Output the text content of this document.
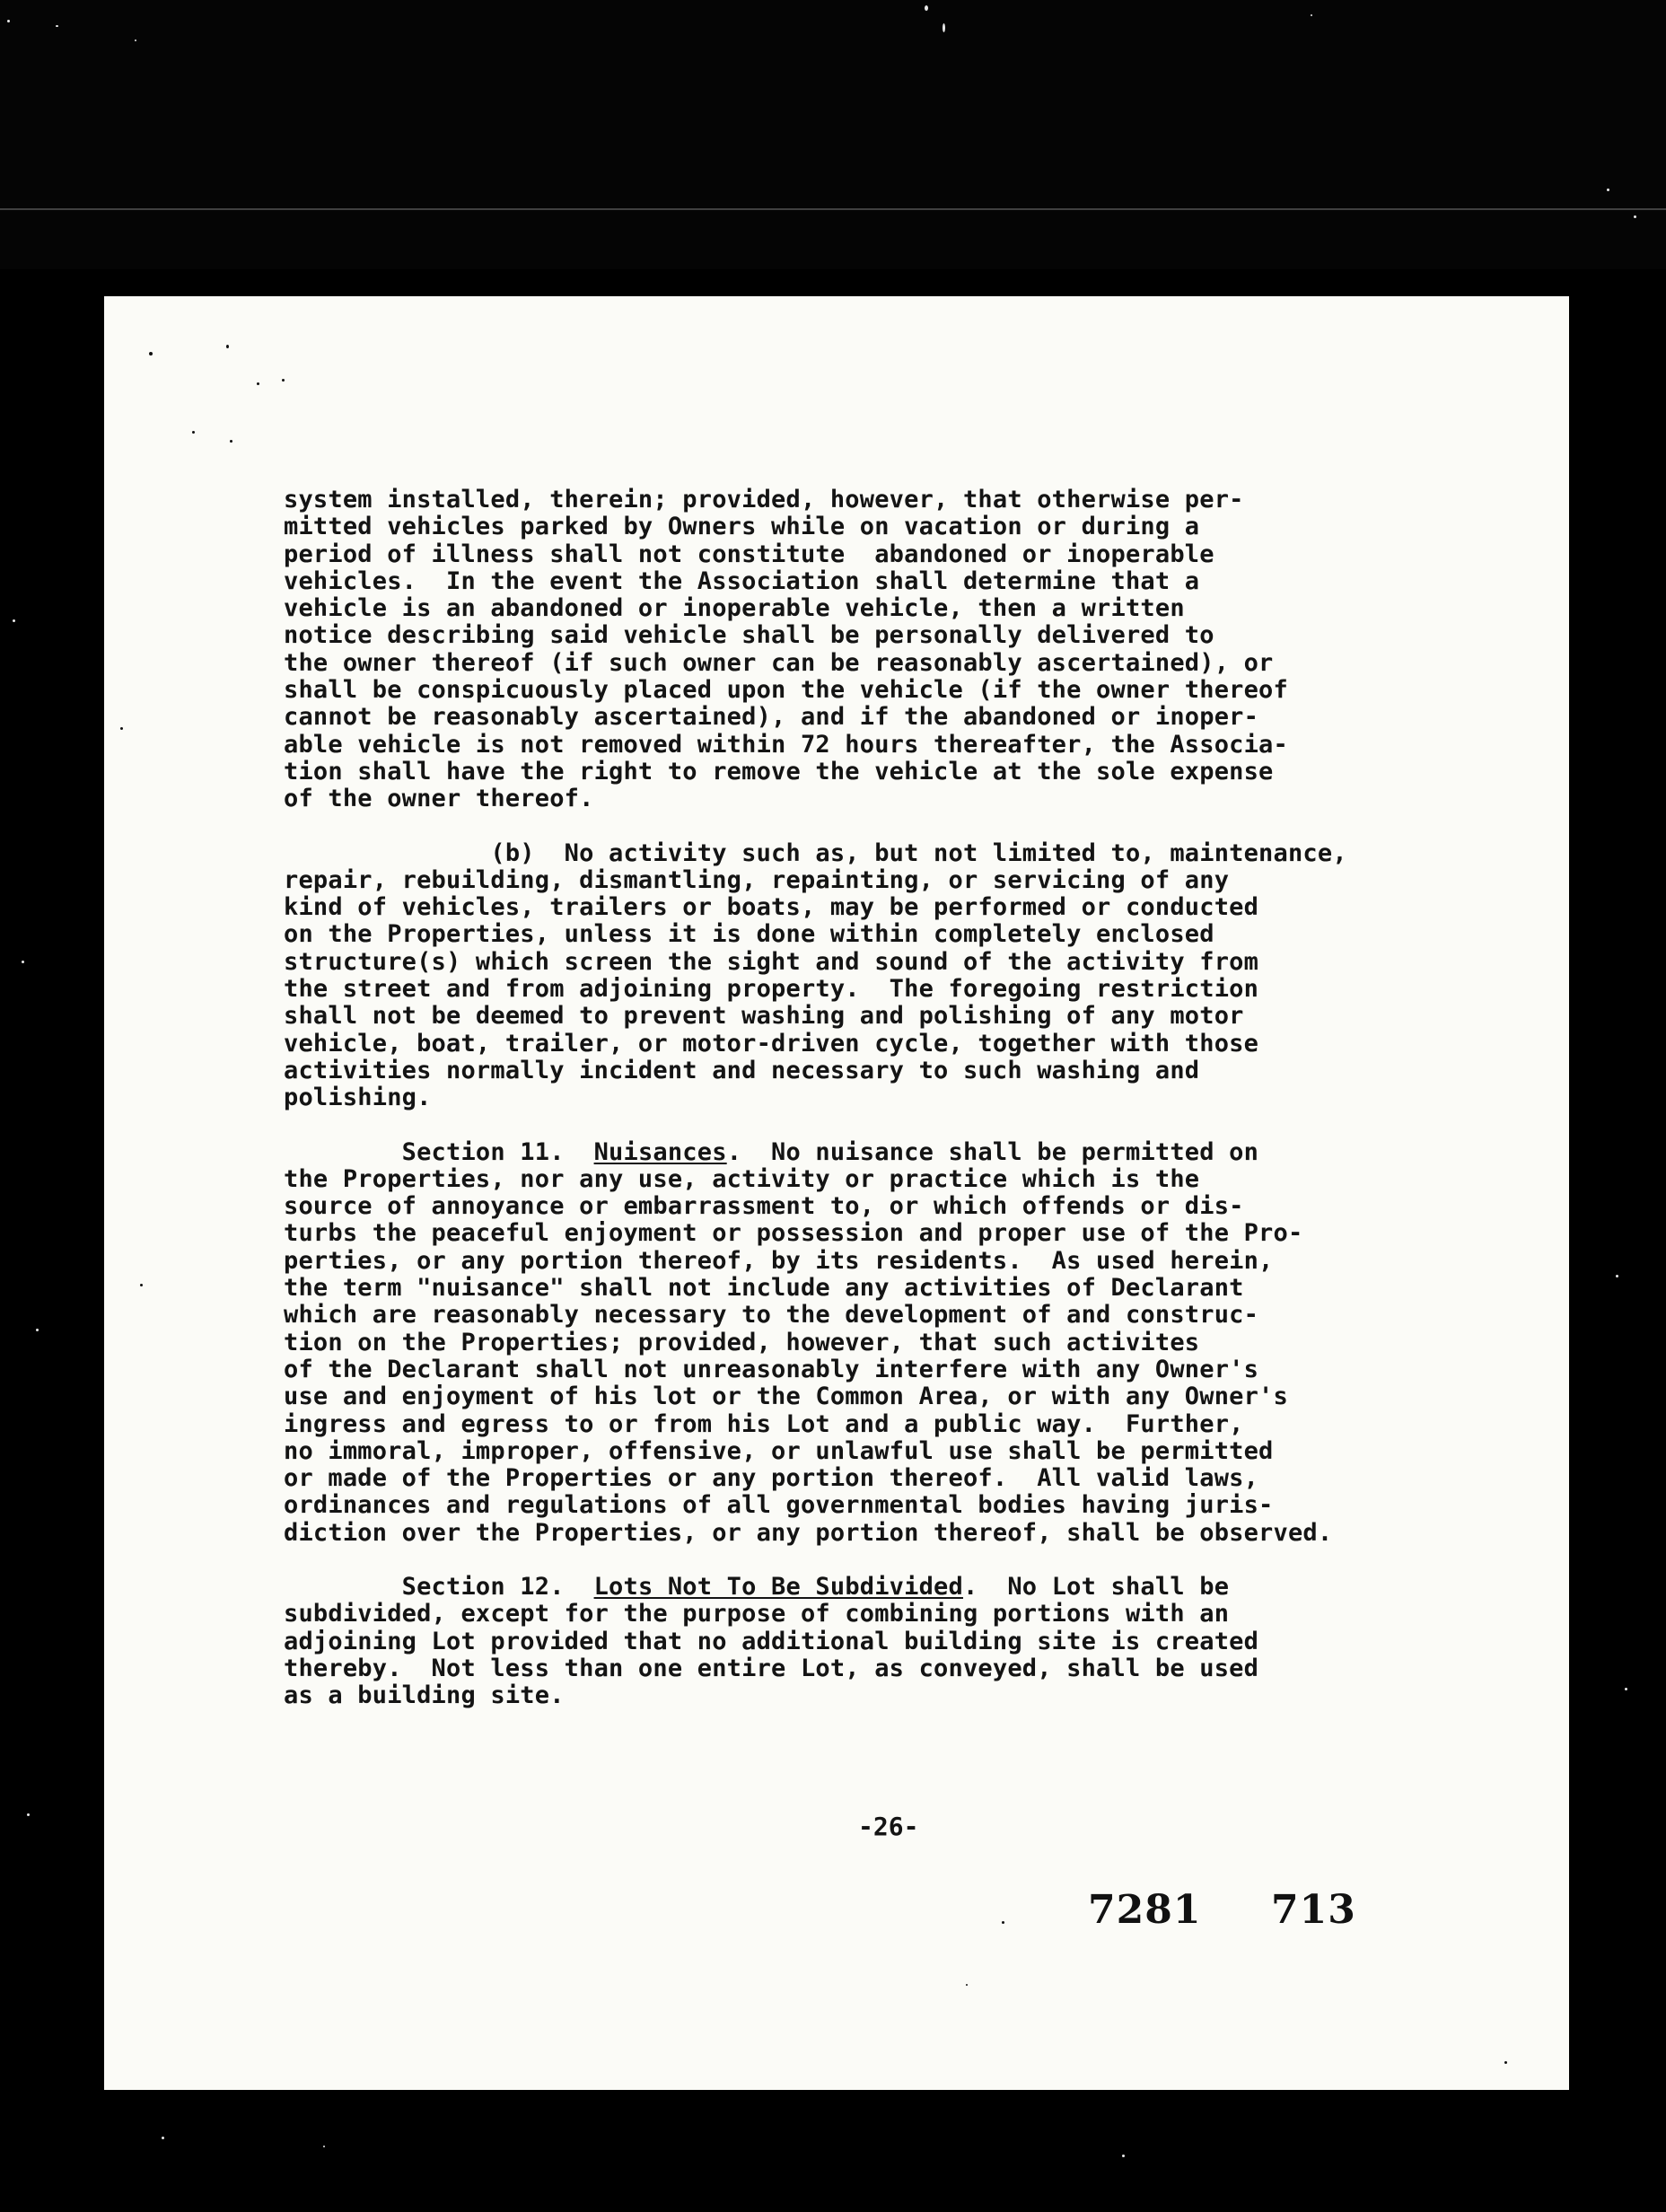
system installed, therein; provided, however, that otherwise per-
mitted vehicles parked by Owners while on vacation or during a
period of illness shall not constitute  abandoned or inoperable
vehicles.  In the event the Association shall determine that a
vehicle is an abandoned or inoperable vehicle, then a written
notice describing said vehicle shall be personally delivered to
the owner thereof (if such owner can be reasonably ascertained), or
shall be conspicuously placed upon the vehicle (if the owner thereof
cannot be reasonably ascertained), and if the abandoned or inoper-
able vehicle is not removed within 72 hours thereafter, the Associa-
tion shall have the right to remove the vehicle at the sole expense
of the owner thereof.

(b)  No activity such as, but not limited to, maintenance,
repair, rebuilding, dismantling, repainting, or servicing of any
kind of vehicles, trailers or boats, may be performed or conducted
on the Properties, unless it is done within completely enclosed
structure(s) which screen the sight and sound of the activity from
the street and from adjoining property.  The foregoing restriction
shall not be deemed to prevent washing and polishing of any motor
vehicle, boat, trailer, or motor-driven cycle, together with those
activities normally incident and necessary to such washing and
polishing.

Section 11.  Nuisances.  No nuisance shall be permitted on
the Properties, nor any use, activity or practice which is the
source of annoyance or embarrassment to, or which offends or dis-
turbs the peaceful enjoyment or possession and proper use of the Pro-
perties, or any portion thereof, by its residents.  As used herein,
the term "nuisance" shall not include any activities of Declarant
which are reasonably necessary to the development of and construc-
tion on the Properties; provided, however, that such activites
of the Declarant shall not unreasonably interfere with any Owner's
use and enjoyment of his lot or the Common Area, or with any Owner's
ingress and egress to or from his Lot and a public way.  Further,
no immoral, improper, offensive, or unlawful use shall be permitted
or made of the Properties or any portion thereof.  All valid laws,
ordinances and regulations of all governmental bodies having juris-
diction over the Properties, or any portion thereof, shall be observed.

Section 12.  Lots Not To Be Subdivided.  No Lot shall be
subdivided, except for the purpose of combining portions with an
adjoining Lot provided that no additional building site is created
thereby.  Not less than one entire Lot, as conveyed, shall be used
as a building site.

-26-
7281 713
